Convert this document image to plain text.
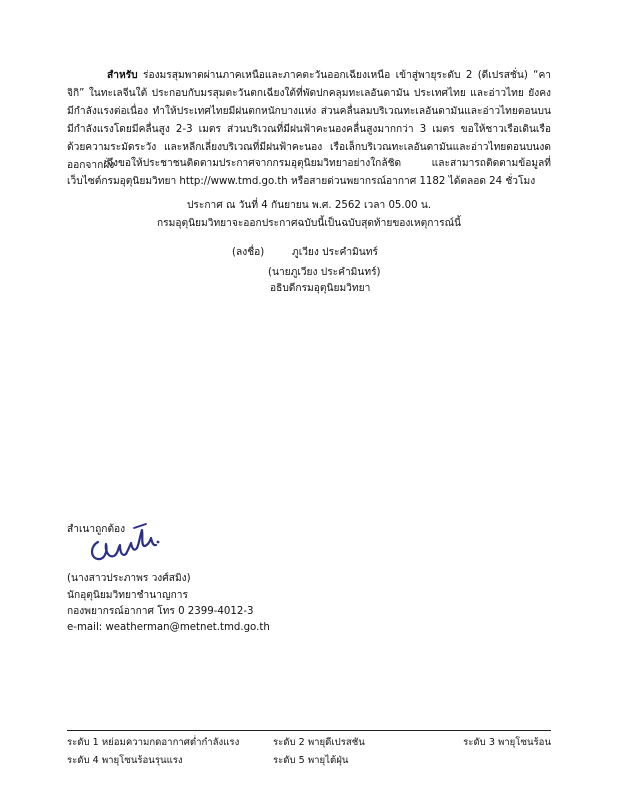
สำหรับ ร่องมรสุมพาดผ่านภาคเหนือและภาคตะวันออกเฉียงเหนือ เข้าสู่พายุระดับ 2 (ดีเปรสชั่น) “คาจิกิ” ในทะเลจีนใต้ ประกอบกับมรสุมตะวันตกเฉียงใต้ที่พัดปกคลุมทะเลอันดามัน ประเทศไทย และอ่าวไทย ยังคงมีกำลังแรงต่อเนื่อง ทำให้ประเทศไทยมีฝนตกหนักบางแห่ง ส่วนคลื่นลมบริเวณทะเลอันดามันและอ่าวไทยตอนบนมีกำลังแรงโดยมีคลื่นสูง 2-3 เมตร ส่วนบริเวณที่มีฝนฟ้าคะนองคลื่นสูงมากกว่า 3 เมตร ขอให้ชาวเรือเดินเรือด้วยความระมัดระวัง และหลีกเลี่ยงบริเวณที่มีฝนฟ้าคะนอง เรือเล็กบริเวณทะเลอันดามันและอ่าวไทยตอนบนงดออกจากฝั่ง

จึงขอให้ประชาชนติดตามประกาศจากกรมอุตุนิยมวิทยาอย่างใกล้ชิด และสามารถติดตามข้อมูลที่เว็บไซต์กรมอุตุนิยมวิทยา http://www.tmd.go.th หรือสายด่วนพยากรณ์อากาศ 1182 ได้ตลอด 24 ชั่วโมง

ประกาศ ณ วันที่ 4 กันยายน พ.ศ. 2562 เวลา 05.00 น.

กรมอุตุนิยมวิทยาจะออกประกาศฉบับนี้เป็นฉบับสุดท้ายของเหตุการณ์นี้

(ลงชื่อ)	ภูเวียง ประคำมินทร์
(นายภูเวียง ประคำมินทร์)
อธิบดีกรมอุตุนิยมวิทยา
สำเนาถูกต้อง
(นางสาวประภาพร วงศ์สมิง)
นักอุตุนิยมวิทยาชำนาญการ
กองพยากรณ์อากาศ โทร 0 2399-4012-3
e-mail: weatherman@metnet.tmd.go.th
ระดับ 1 หย่อมความกดอากาศต่ำกำลังแรง	ระดับ 2 พายุดีเปรสชัน	ระดับ 3 พายุโซนร้อน
ระดับ 4 พายุโซนร้อนรุนแรง	ระดับ 5 พายุไต้ฝุ่น
